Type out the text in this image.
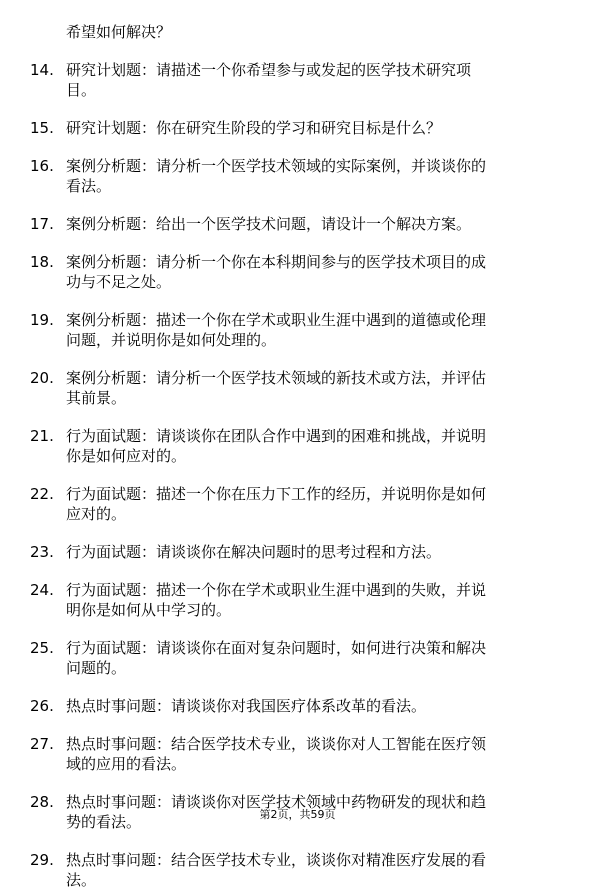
希望如何解决？
14. 研究计划题：请描述一个你希望参与或发起的医学技术研究项
目。
15. 研究计划题：你在研究生阶段的学习和研究目标是什么？
16. 案例分析题：请分析一个医学技术领域的实际案例，并谈谈你的
看法。
17. 案例分析题：给出一个医学技术问题，请设计一个解决方案。
18. 案例分析题：请分析一个你在本科期间参与的医学技术项目的成
功与不足之处。
19. 案例分析题：描述一个你在学术或职业生涯中遇到的道德或伦理
问题，并说明你是如何处理的。
20. 案例分析题：请分析一个医学技术领域的新技术或方法，并评估
其前景。
21. 行为面试题：请谈谈你在团队合作中遇到的困难和挑战，并说明
你是如何应对的。
22. 行为面试题：描述一个你在压力下工作的经历，并说明你是如何
应对的。
23. 行为面试题：请谈谈你在解决问题时的思考过程和方法。
24. 行为面试题：描述一个你在学术或职业生涯中遇到的失败，并说
明你是如何从中学习的。
25. 行为面试题：请谈谈你在面对复杂问题时，如何进行决策和解决
问题的。
26. 热点时事问题：请谈谈你对我国医疗体系改革的看法。
27. 热点时事问题：结合医学技术专业，谈谈你对人工智能在医疗领
域的应用的看法。
28. 热点时事问题：请谈谈你对医学技术领域中药物研发的现状和趋
势的看法。
29. 热点时事问题：结合医学技术专业，谈谈你对精准医疗发展的看
法。
第2页，共59页
